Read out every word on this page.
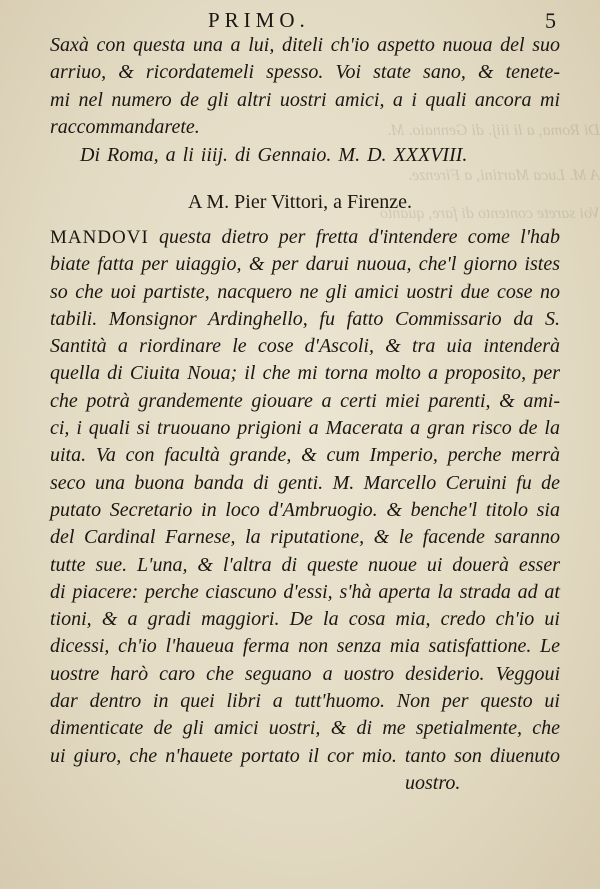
Di Roma, a li iiij. di Gennaio. M.
A M. Luca Martini, a Firenze.
Voi sarete contento di fare, quanto
PRIMO.	5
Saxà con questa una a lui, diteli ch'io aspetto nuoua del suo
arriuo, & ricordatemeli spesso. Voi state sano, & tenete-
mi nel numero de gli altri uostri amici, a i quali ancora mi
raccommandarete.
Di Roma, a li iiij. di Gennaio. M. D. XXXVIII.
A M. Pier Vittori, a Firenze.
MANDOVI questa dietro per fretta d'intendere come l'hab
biate fatta per uiaggio, & per darui nuoua, che'l giorno istes
so che uoi partiste, nacquero ne gli amici uostri due cose no
tabili. Monsignor Ardinghello, fu fatto Commissario da S.
Santità a riordinare le cose d'Ascoli, & tra uia intenderà
quella di Ciuita Noua; il che mi torna molto a proposito, per
che potrà grandemente giouare a certi miei parenti, & ami-
ci, i quali si truouano prigioni a Macerata a gran risco de la
uita. Va con facultà grande, & cum Imperio, perche merrà
seco una buona banda di genti. M. Marcello Ceruini fu de
putato Secretario in loco d'Ambruogio. & benche'l titolo sia
del Cardinal Farnese, la riputatione, & le facende saranno
tutte sue. L'una, & l'altra di queste nuoue ui douerà esser
di piacere: perche ciascuno d'essi, s'hà aperta la strada ad at
tioni, & a gradi maggiori. De la cosa mia, credo ch'io ui
dicessi, ch'io l'haueua ferma non senza mia satisfattione. Le
uostre harò caro che seguano a uostro desiderio. Veggoui
dar dentro in quei libri a tutt'huomo. Non per questo ui
dimenticate de gli amici uostri, & di me spetialmente, che
ui giuro, che n'hauete portato il cor mio. tanto son diuenuto
uostro.
